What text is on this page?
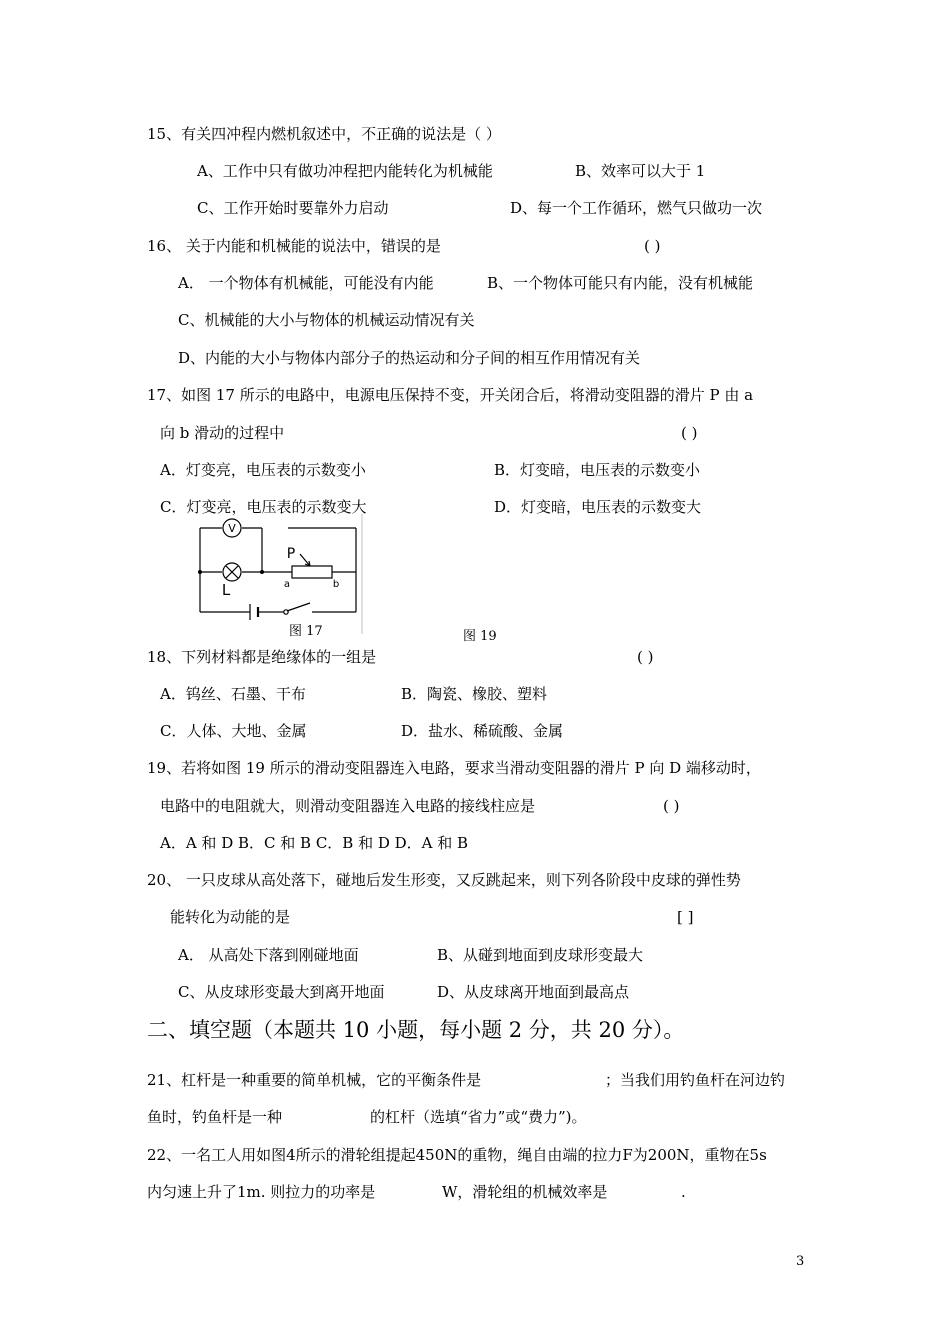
15、有关四冲程内燃机叙述中，不正确的说法是（ ）
A、工作中只有做功冲程把内能转化为机械能	B、效率可以大于 1
C、工作开始时要靠外力启动	D、每一个工作循环，燃气只做功一次
16、 关于内能和机械能的说法中，错误的是	( )
A． 一个物体有机械能，可能没有内能	B、一个物体可能只有内能，没有机械能
C、机械能的大小与物体的机械运动情况有关
D、内能的大小与物体内部分子的热运动和分子间的相互作用情况有关
17、如图 17 所示的电路中，电源电压保持不变，开关闭合后，将滑动变阻器的滑片 P 由 a
向 b 滑动的过程中	( )
A．灯变亮，电压表的示数变小	B．灯变暗，电压表的示数变小
C．灯变亮，电压表的示数变大	D．灯变暗，电压表的示数变大
V
L
P
a	b
图 17	图 19
18、下列材料都是绝缘体的一组是	( )
A．钨丝、石墨、干布	B．陶瓷、橡胶、塑料
C．人体、大地、金属	D．盐水、稀硫酸、金属
19、若将如图 19 所示的滑动变阻器连入电路，要求当滑动变阻器的滑片 P 向 D 端移动时，
电路中的电阻就大，则滑动变阻器连入电路的接线柱应是	( )
A．A 和 D B．C 和 B C．B 和 D D．A 和 B
20、 一只皮球从高处落下，碰地后发生形变，又反跳起来，则下列各阶段中皮球的弹性势
能转化为动能的是	[ ]
A． 从高处下落到刚碰地面	B、从碰到地面到皮球形变最大
C、从皮球形变最大到离开地面	D、从皮球离开地面到最高点
二、填空题（本题共 10 小题，每小题 2 分，共 20 分）。
21、杠杆是一种重要的简单机械，它的平衡条件是	；当我们用钓鱼杆在河边钓
鱼时，钓鱼杆是一种	的杠杆（选填“省力”或“费力”)。
22、一名工人用如图4所示的滑轮组提起450N的重物，绳自由端的拉力F为200N，重物在5s
内匀速上升了1m. 则拉力的功率是	W，滑轮组的机械效率是	.
3
